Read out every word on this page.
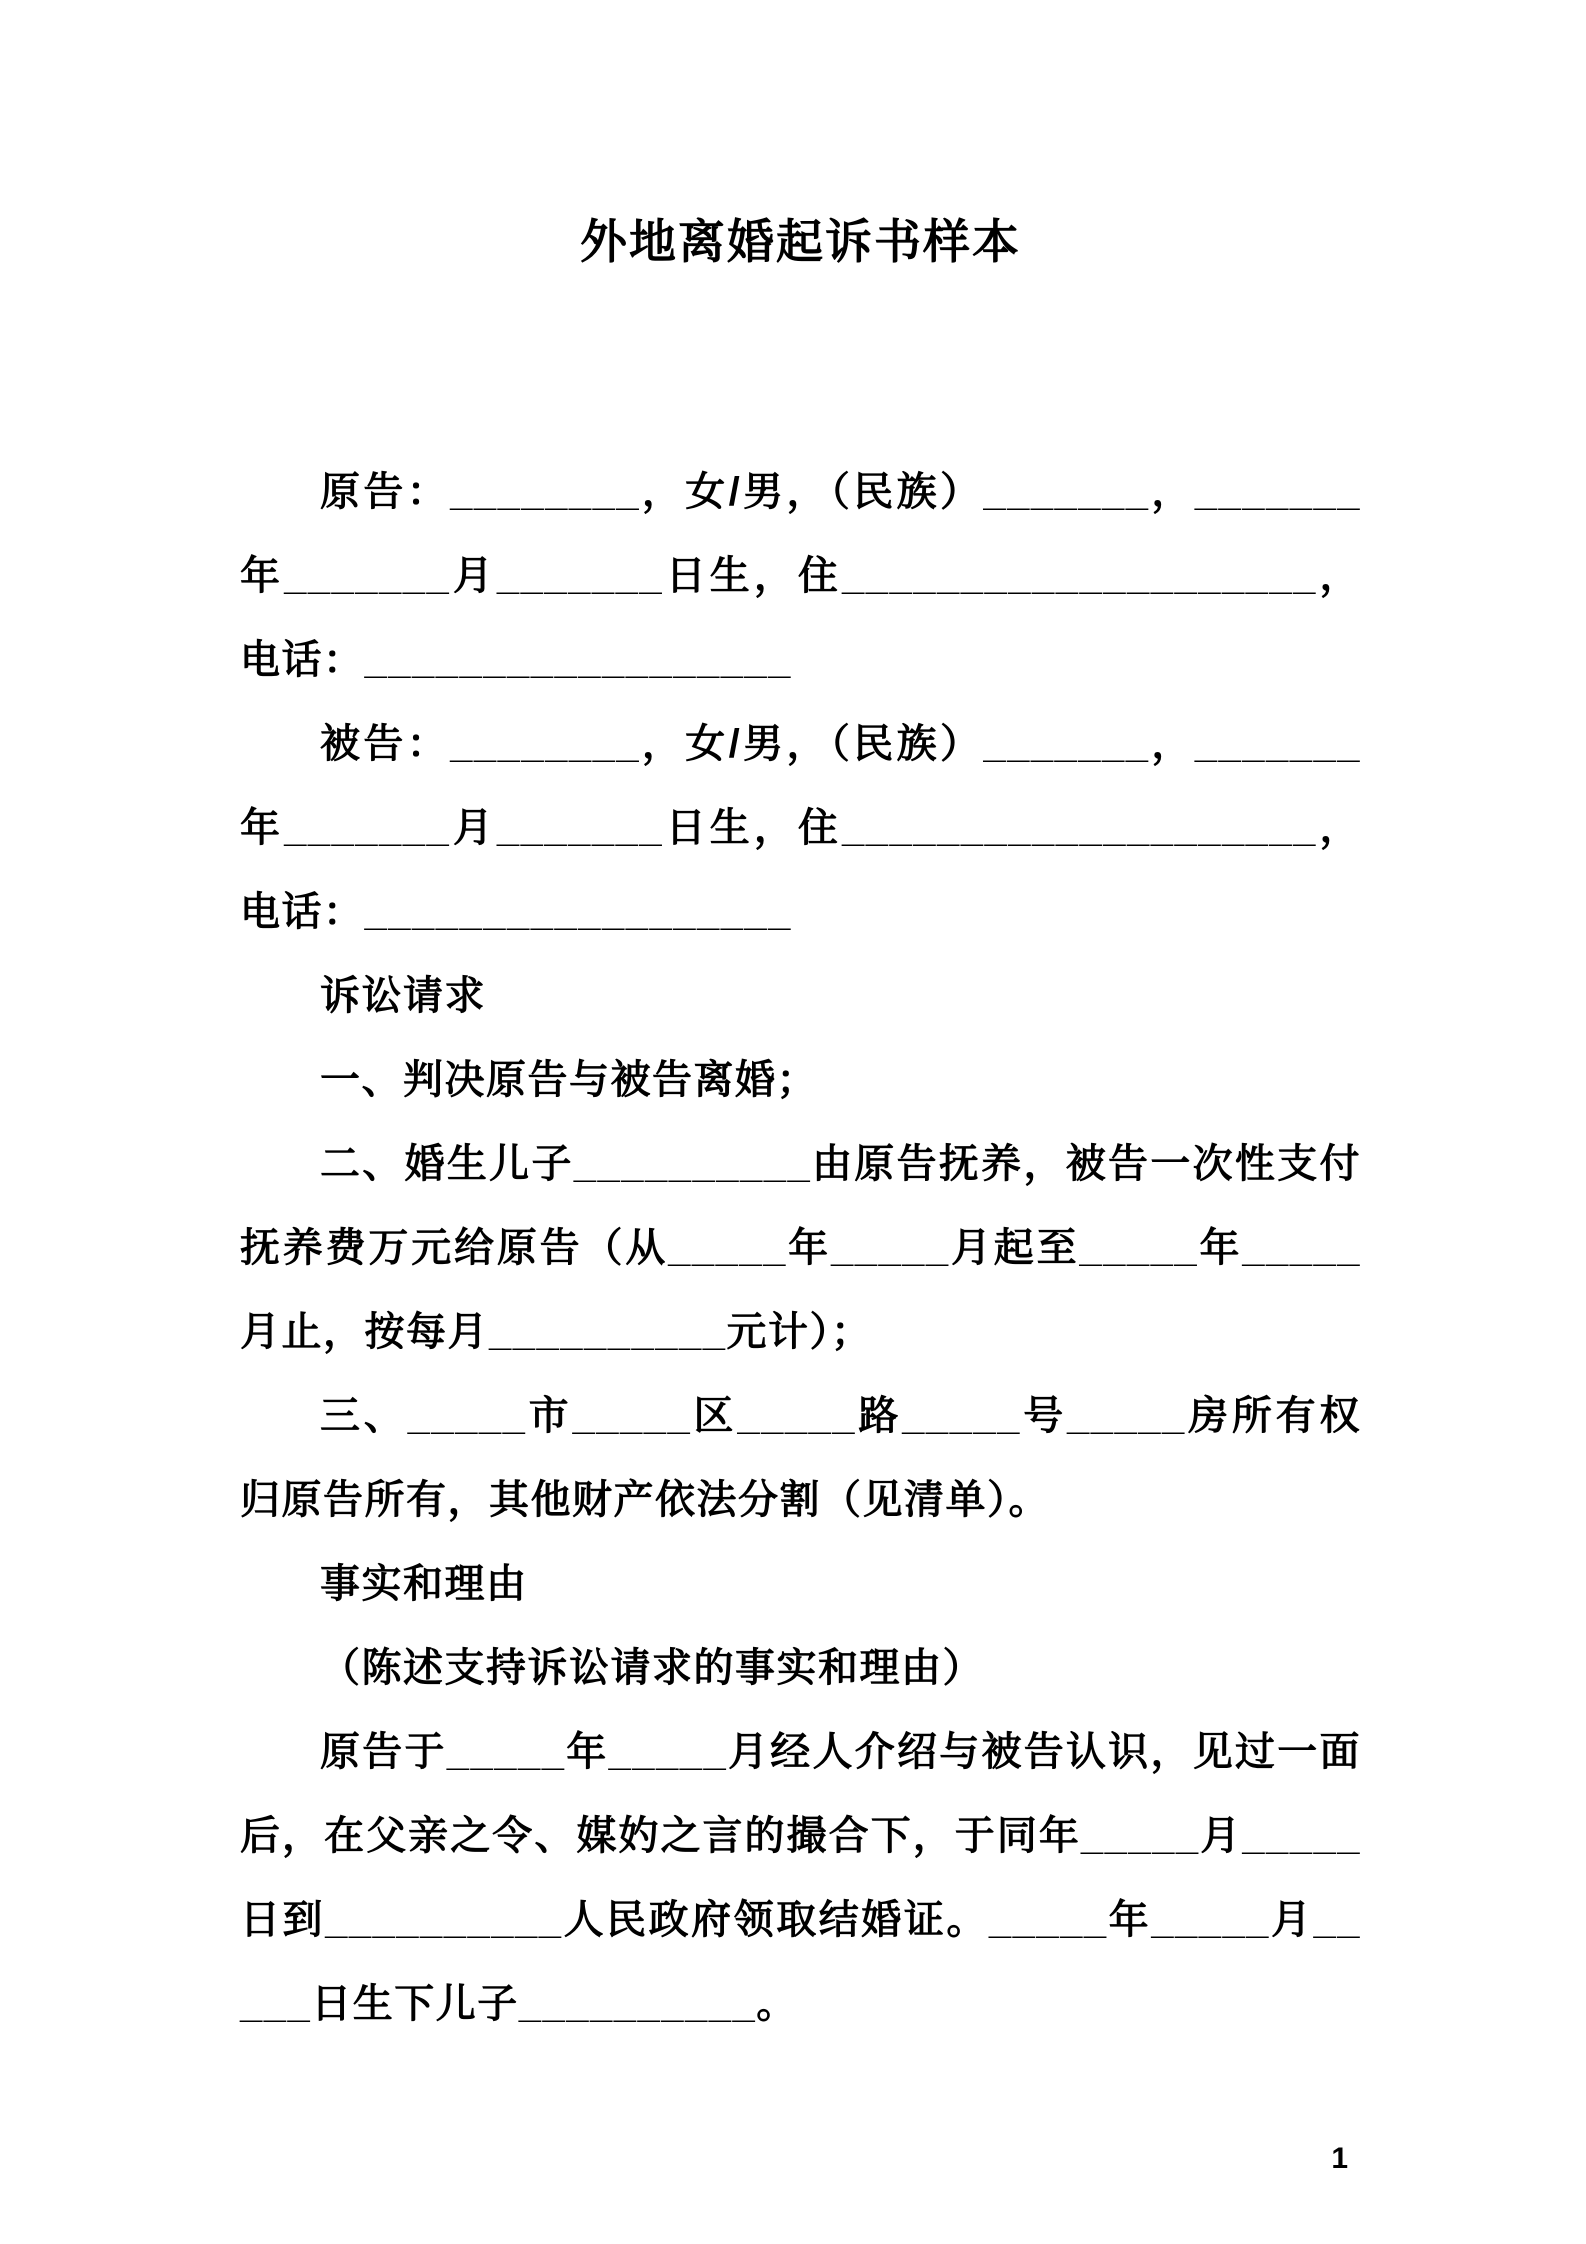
外地离婚起诉书样本

原告：________，女/男，（民族）_______，_______年_______月_______日生，住____________________，电话：__________________

被告：________，女/男，（民族）_______，_______年_______月_______日生，住____________________，电话：__________________

诉讼请求

一、判决原告与被告离婚；

二、婚生儿子__________由原告抚养，被告一次性支付抚养费万元给原告（从_____年_____月起至_____年_____月止，按每月__________元计）；

三、_____市_____区_____路_____号_____房所有权归原告所有，其他财产依法分割（见清单）。

事实和理由

（陈述支持诉讼请求的事实和理由）

原告于_____年_____月经人介绍与被告认识，见过一面后，在父亲之令、媒妁之言的撮合下，于同年_____月_____日到__________人民政府领取结婚证。_____年_____月_____日生下儿子__________。

1
